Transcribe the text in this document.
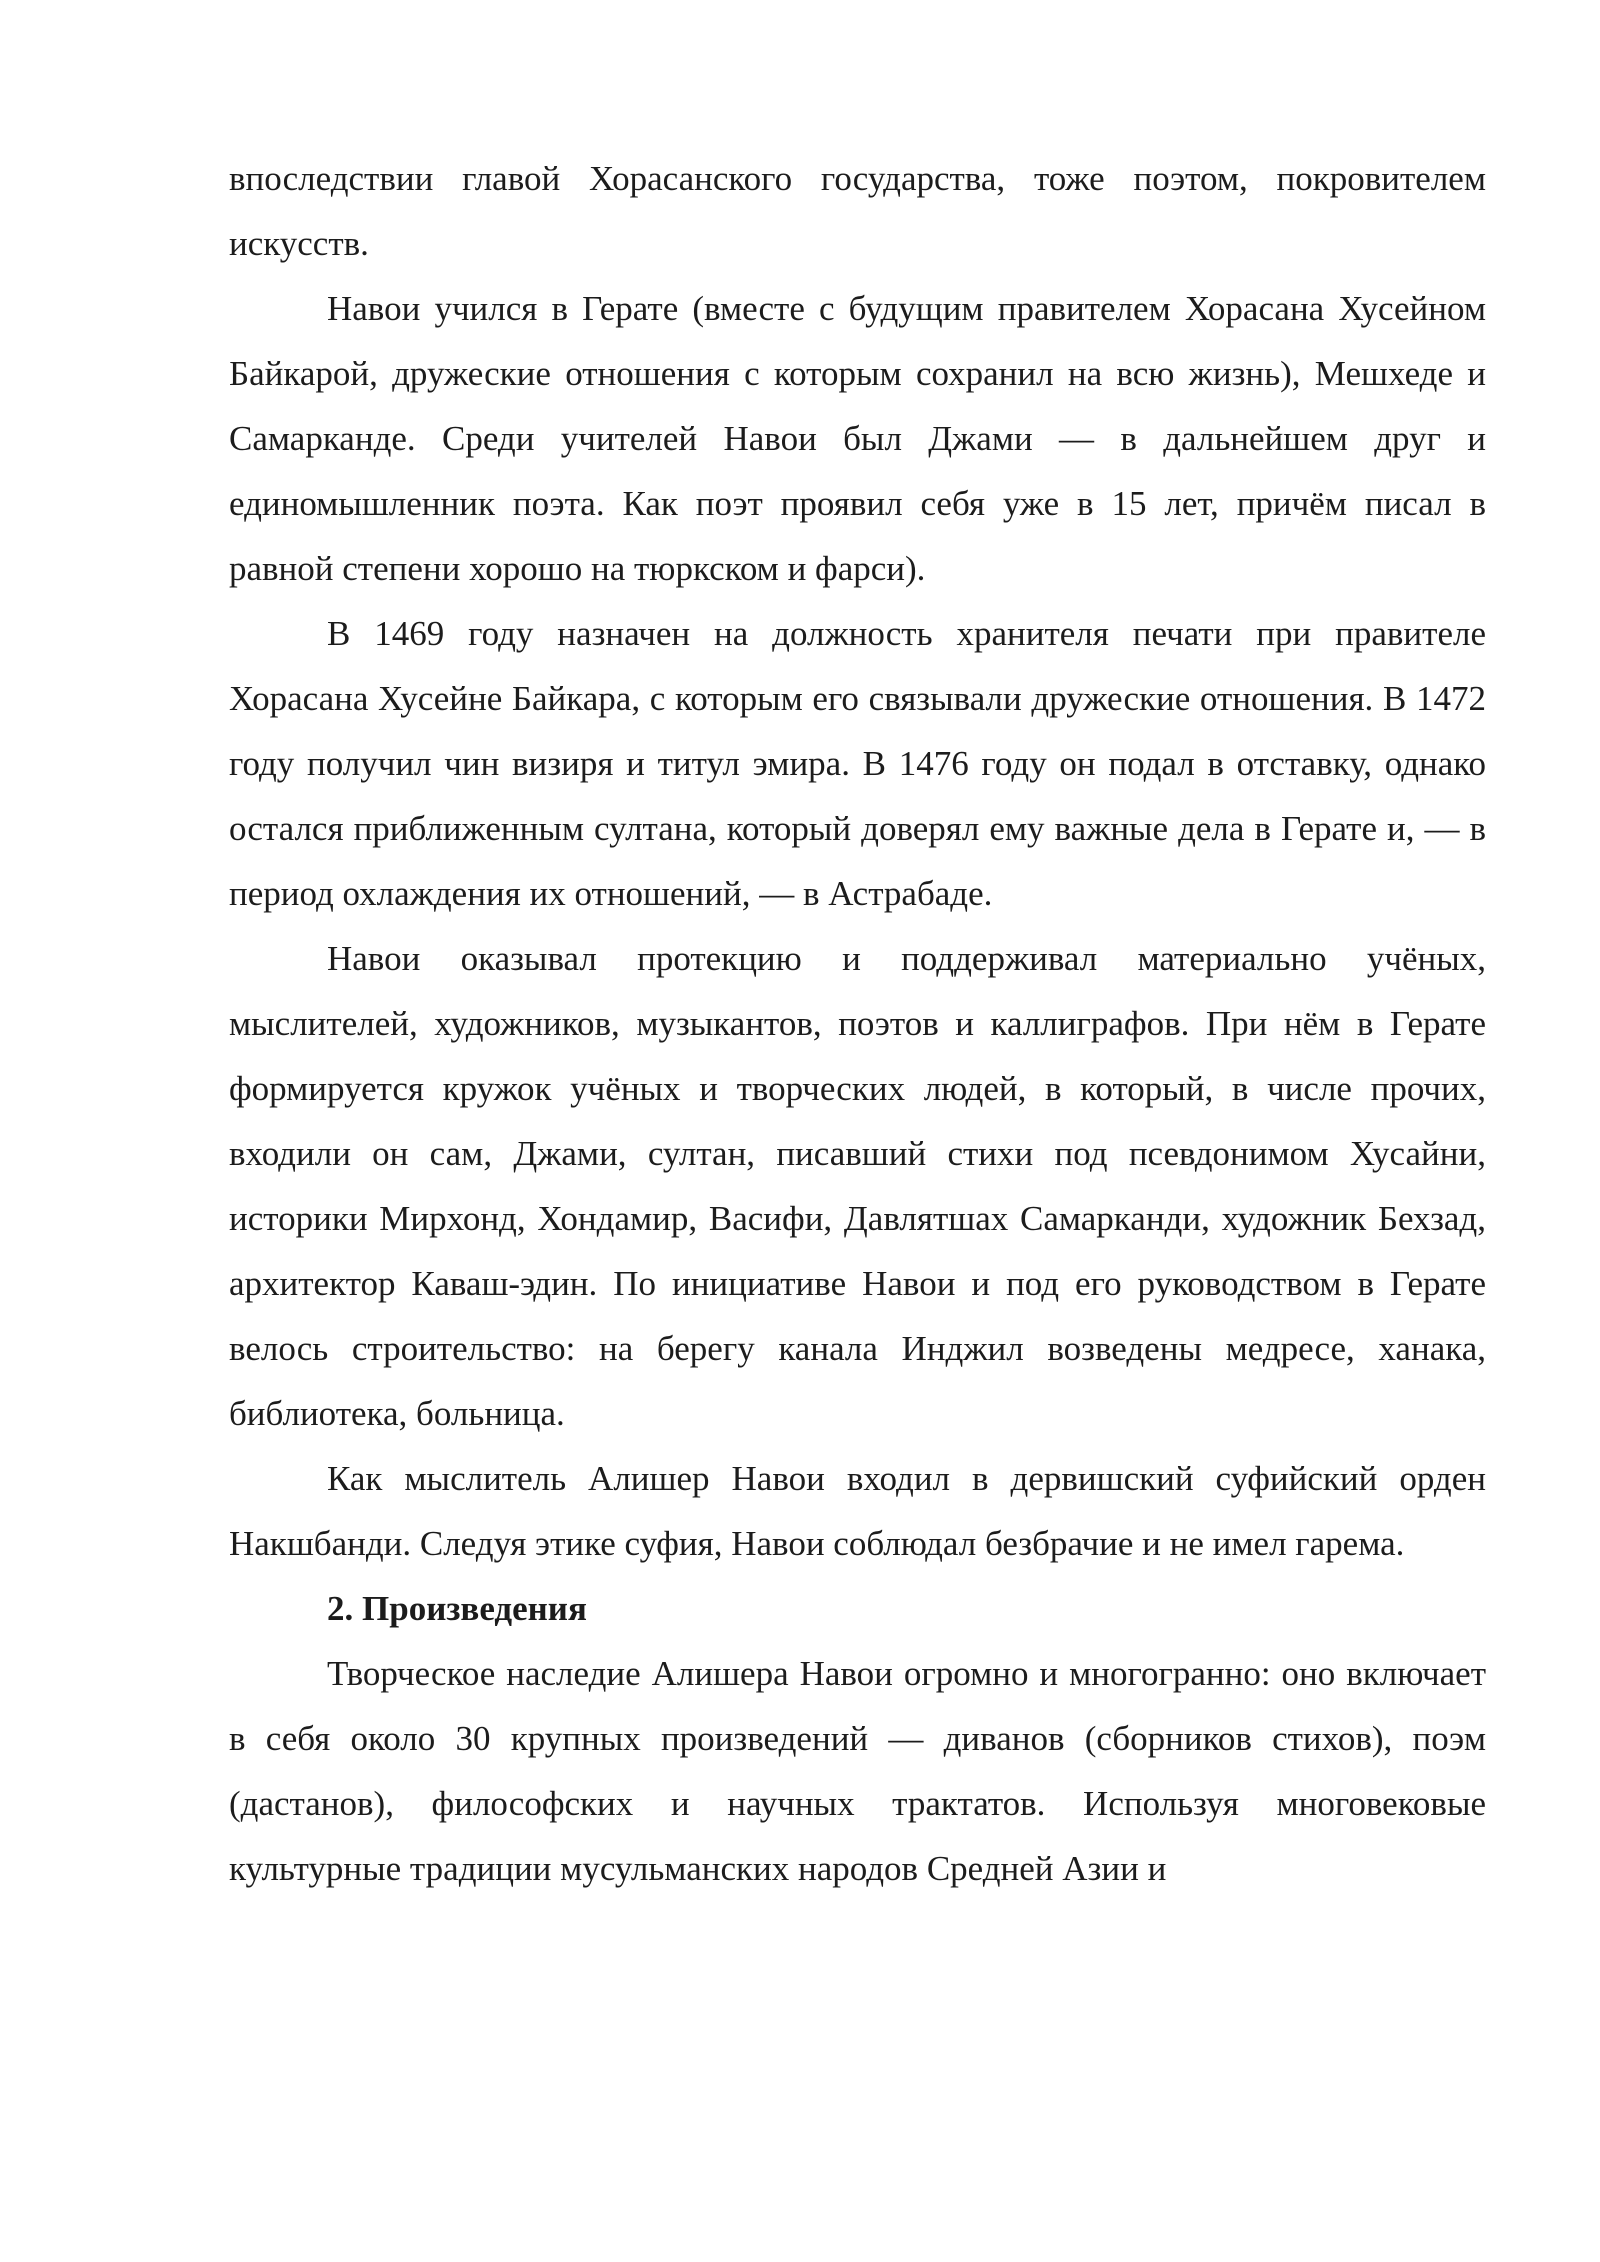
впоследствии главой Хорасанского государства, тоже поэтом, покровителем искусств.

Навои учился в Герате (вместе с будущим правителем Хорасана Хусейном Байкарой, дружеские отношения с которым сохранил на всю жизнь), Мешхеде и Самарканде. Среди учителей Навои был Джами — в дальнейшем друг и единомышленник поэта. Как поэт проявил себя уже в 15 лет, причём писал в равной степени хорошо на тюркском и фарси).

В 1469 году назначен на должность хранителя печати при правителе Хорасана Хусейне Байкара, с которым его связывали дружеские отношения. В 1472 году получил чин визиря и титул эмира. В 1476 году он подал в отставку, однако остался приближенным султана, который доверял ему важные дела в Герате и, — в период охлаждения их отношений, — в Астрабаде.

Навои оказывал протекцию и поддерживал материально учёных, мыслителей, художников, музыкантов, поэтов и каллиграфов. При нём в Герате формируется кружок учёных и творческих людей, в который, в числе прочих, входили он сам, Джами, султан, писавший стихи под псевдонимом Хусайни, историки Мирхонд, Хондамир, Васифи, Давлятшах Самарканди, художник Бехзад, архитектор Каваш-эдин. По инициативе Навои и под его руководством в Герате велось строительство: на берегу канала Инджил возведены медресе, ханака, библиотека, больница.

Как мыслитель Алишер Навои входил в дервишский суфийский орден Накшбанди. Следуя этике суфия, Навои соблюдал безбрачие и не имел гарема.

2. Произведения

Творческое наследие Алишера Навои огромно и многогранно: оно включает в себя около 30 крупных произведений — диванов (сборников стихов), поэм (дастанов), философских и научных трактатов. Используя многовековые культурные традиции мусульманских народов Средней Азии и
